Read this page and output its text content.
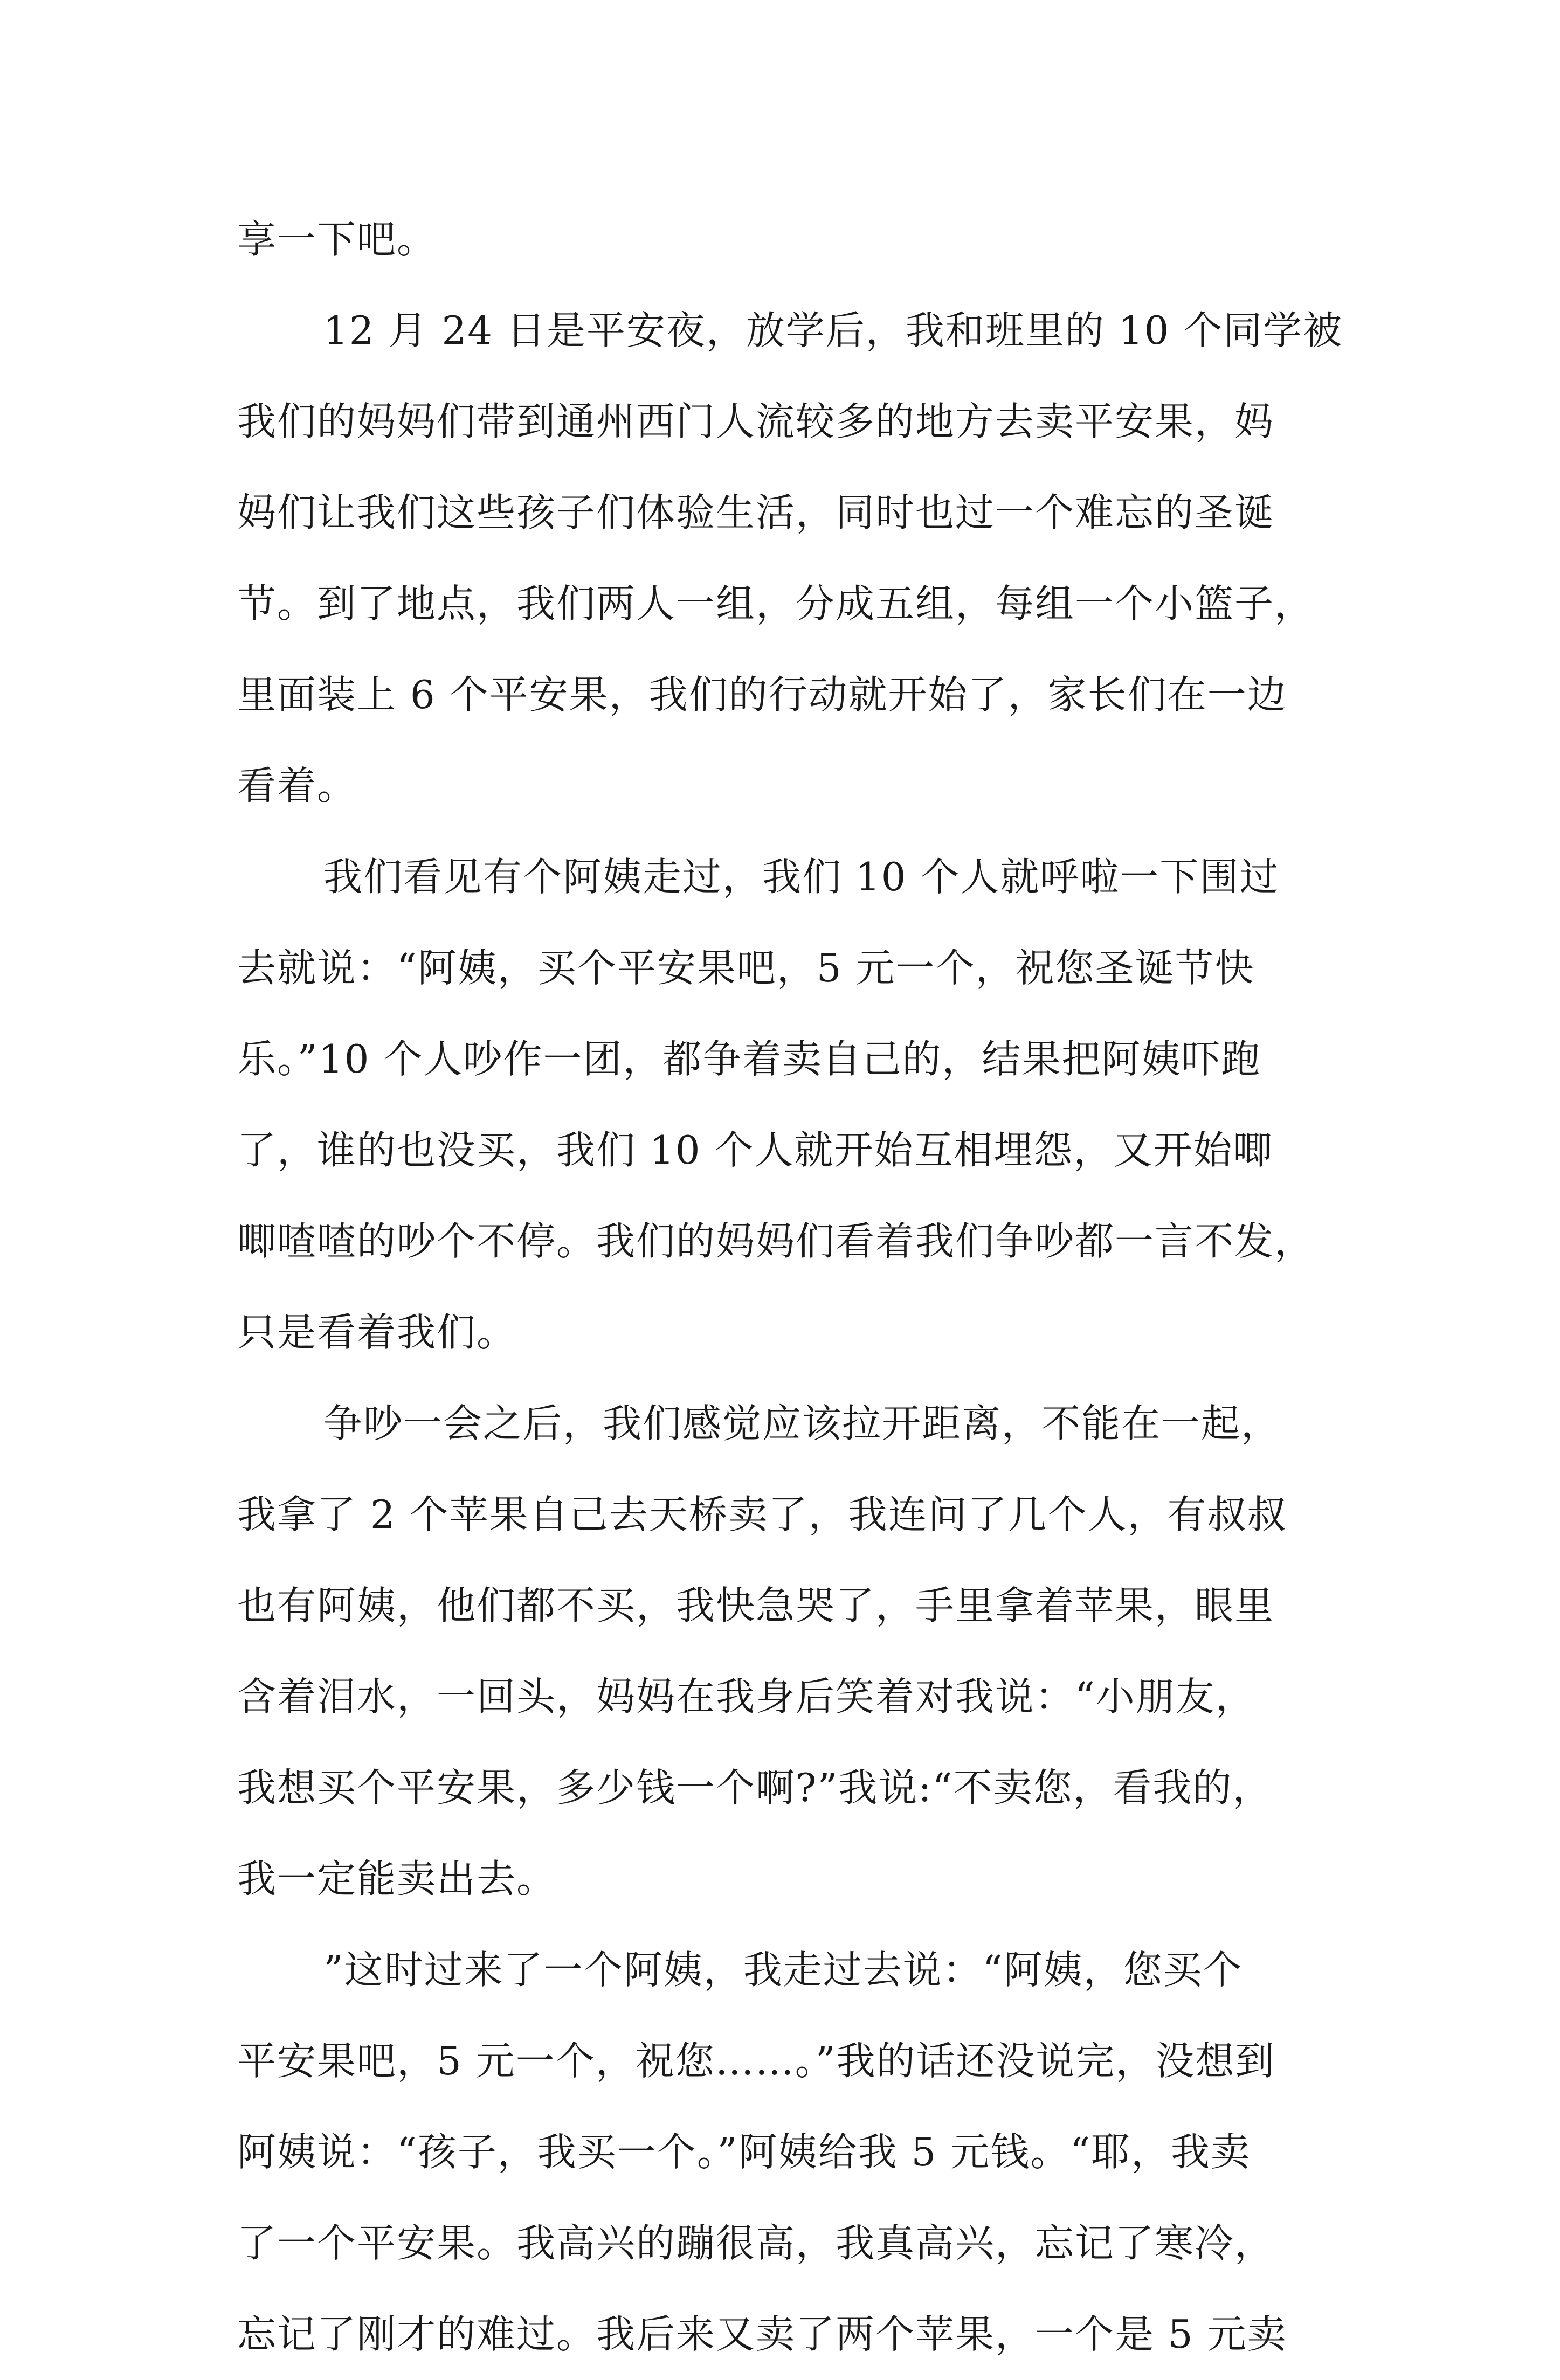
享一下吧。
12 月 24 日是平安夜，放学后，我和班里的 10 个同学被
我们的妈妈们带到通州西门人流较多的地方去卖平安果，妈
妈们让我们这些孩子们体验生活，同时也过一个难忘的圣诞
节。到了地点，我们两人一组，分成五组，每组一个小篮子，
里面装上 6 个平安果，我们的行动就开始了，家长们在一边
看着。
我们看见有个阿姨走过，我们 10 个人就呼啦一下围过
去就说：“阿姨，买个平安果吧，5 元一个，祝您圣诞节快
乐。”10 个人吵作一团，都争着卖自己的，结果把阿姨吓跑
了，谁的也没买，我们 10 个人就开始互相埋怨，又开始唧
唧喳喳的吵个不停。我们的妈妈们看着我们争吵都一言不发，
只是看着我们。
争吵一会之后，我们感觉应该拉开距离，不能在一起，
我拿了 2 个苹果自己去天桥卖了，我连问了几个人，有叔叔
也有阿姨，他们都不买，我快急哭了，手里拿着苹果，眼里
含着泪水，一回头，妈妈在我身后笑着对我说：“小朋友，
我想买个平安果，多少钱一个啊?”我说:“不卖您，看我的，
我一定能卖出去。
”这时过来了一个阿姨，我走过去说：“阿姨，您买个
平安果吧，5 元一个，祝您……。”我的话还没说完，没想到
阿姨说：“孩子，我买一个。”阿姨给我 5 元钱。“耶，我卖
了一个平安果。我高兴的蹦很高，我真高兴，忘记了寒冷，
忘记了刚才的难过。我后来又卖了两个苹果，一个是 5 元卖
